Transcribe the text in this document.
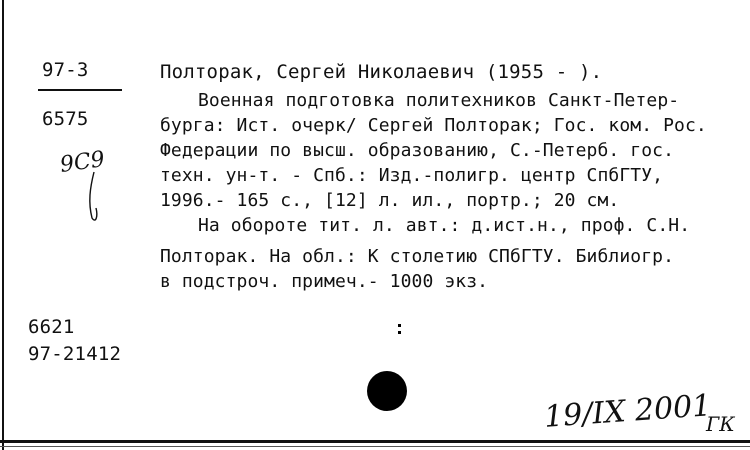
97-3
6575
9С9
Полторак, Сергей Николаевич (1955 - ).
Военная подготовка политехников Санкт-Петер-
бурга: Ист. очерк/ Сергей Полторак; Гос. ком. Рос.
Федерации по высш. образованию, С.-Петерб. гос.
техн. ун-т. - Спб.: Изд.-полигр. центр СпбГТУ,
1996.- 165 с., [12] л. ил., портр.; 20 см.
На обороте тит. л. авт.: д.ист.н., проф. С.Н.
Полторак. На обл.: К столетию СПбГТУ. Библиогр.
в подстроч. примеч.- 1000 экз.
6621
97-21412
19/IX 2001
ГК
